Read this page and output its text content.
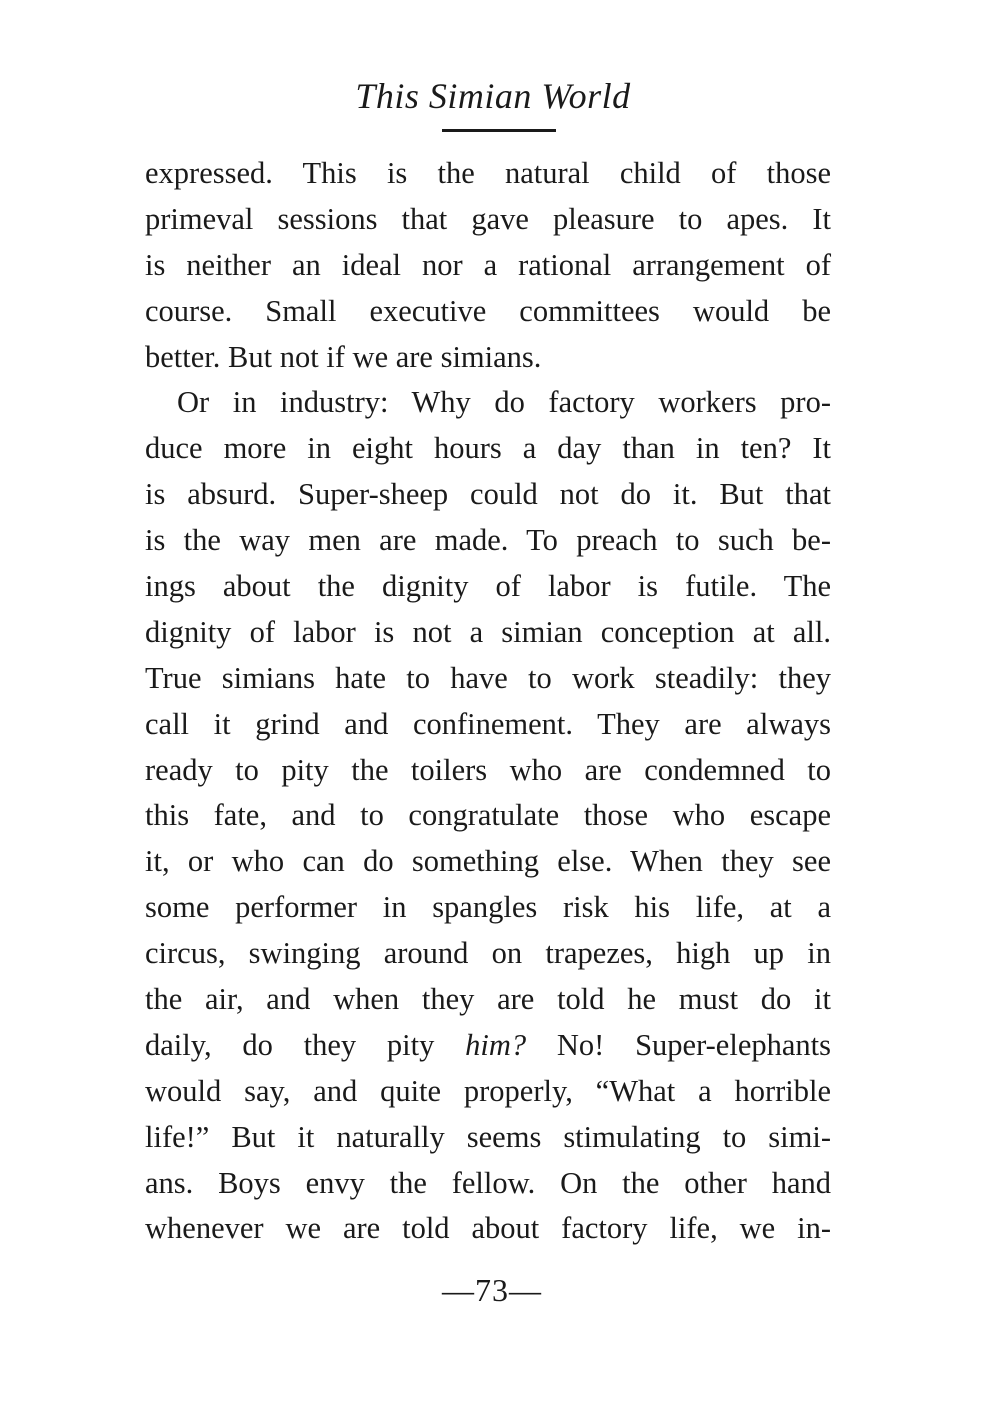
This Simian World
expressed. This is the natural child of those
primeval sessions that gave pleasure to apes. It
is neither an ideal nor a rational arrangement of
course. Small executive committees would be
better. But not if we are simians.
Or in industry: Why do factory workers pro-
duce more in eight hours a day than in ten? It
is absurd. Super-sheep could not do it. But that
is the way men are made. To preach to such be-
ings about the dignity of labor is futile. The
dignity of labor is not a simian conception at all.
True simians hate to have to work steadily: they
call it grind and confinement. They are always
ready to pity the toilers who are condemned to
this fate, and to congratulate those who escape
it, or who can do something else. When they see
some performer in spangles risk his life, at a
circus, swinging around on trapezes, high up in
the air, and when they are told he must do it
daily, do they pity him? No! Super-elephants
would say, and quite properly, “What a horrible
life!” But it naturally seems stimulating to simi-
ans. Boys envy the fellow. On the other hand
whenever we are told about factory life, we in-
—73—
